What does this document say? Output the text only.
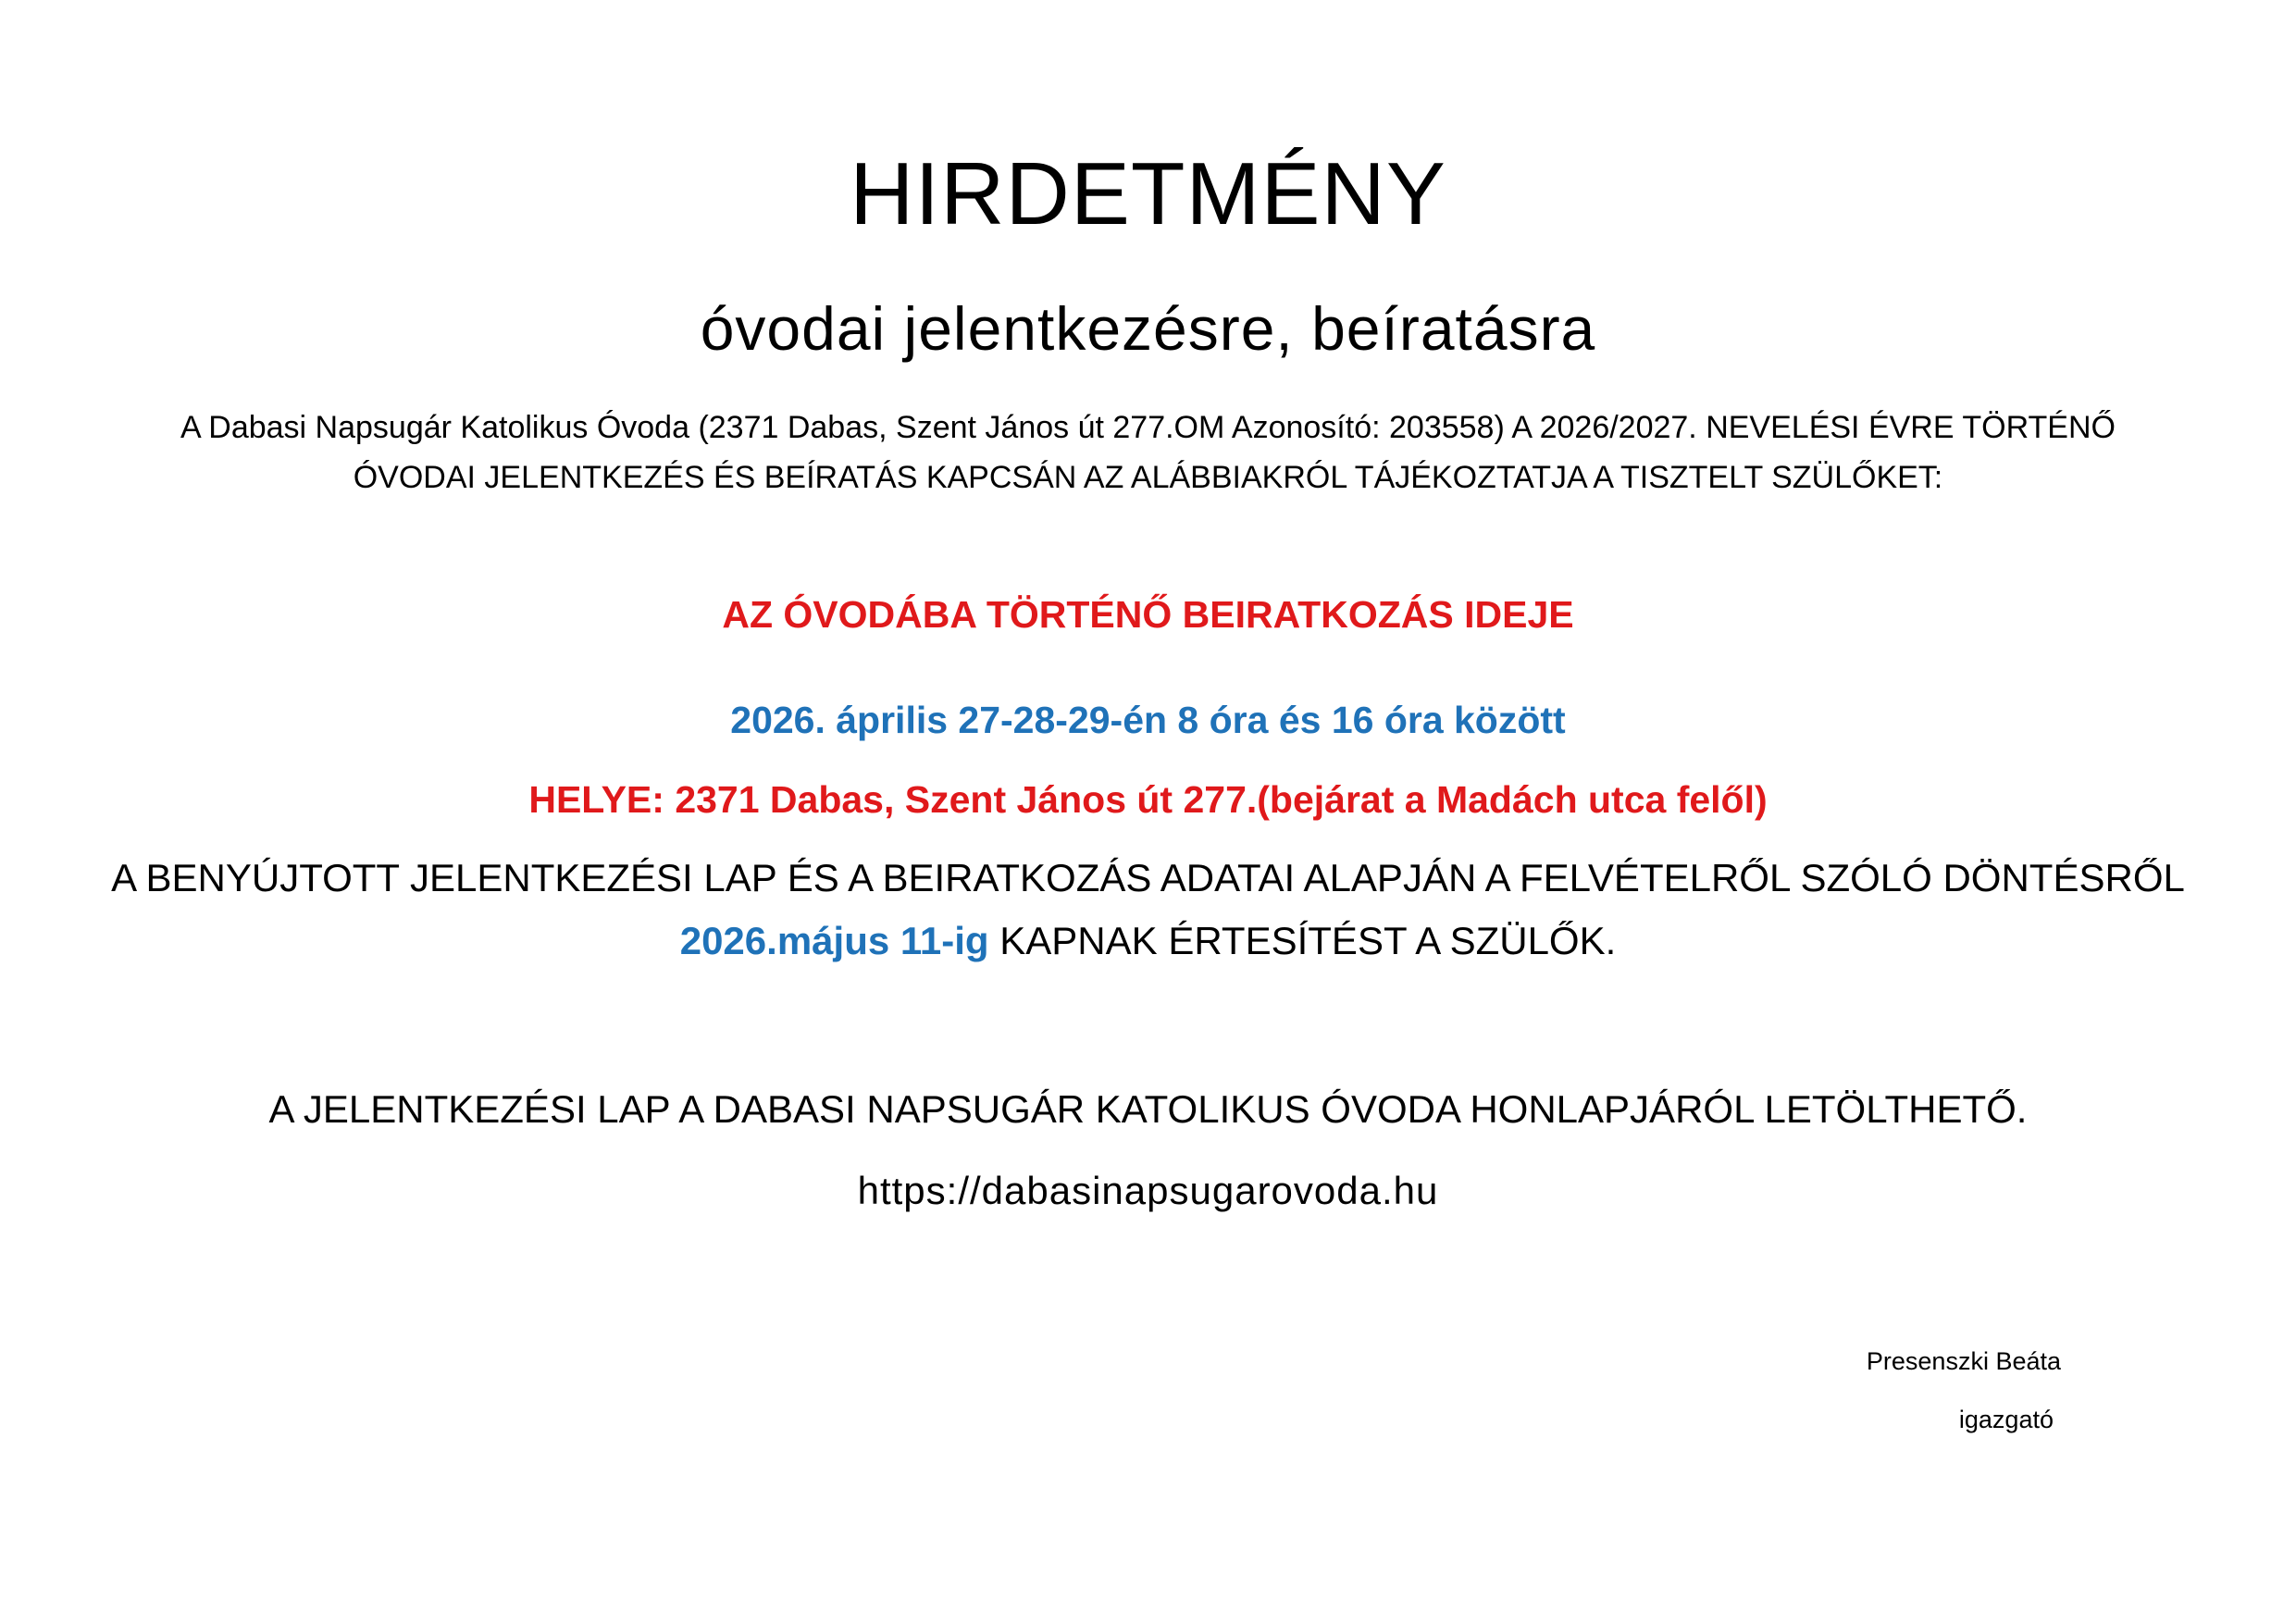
HIRDETMÉNY
óvodai jelentkezésre, beíratásra
A Dabasi Napsugár Katolikus Óvoda (2371 Dabas, Szent János út 277.OM Azonosító: 203558) A 2026/2027. NEVELÉSI ÉVRE TÖRTÉNŐ
ÓVODAI JELENTKEZÉS ÉS BEÍRATÁS KAPCSÁN AZ ALÁBBIAKRÓL TÁJÉKOZTATJA A TISZTELT SZÜLŐKET:
AZ ÓVODÁBA TÖRTÉNŐ BEIRATKOZÁS IDEJE
2026. április 27-28-29-én 8 óra és 16 óra között
HELYE: 2371 Dabas, Szent János út 277.(bejárat a Madách utca felől)
A BENYÚJTOTT JELENTKEZÉSI LAP ÉS A BEIRATKOZÁS ADATAI ALAPJÁN A FELVÉTELRŐL SZÓLÓ DÖNTÉSRŐL
2026.május 11-ig KAPNAK ÉRTESÍTÉST A SZÜLŐK.
A JELENTKEZÉSI LAP A DABASI NAPSUGÁR KATOLIKUS ÓVODA HONLAPJÁRÓL LETÖLTHETŐ.
https://dabasinapsugarovoda.hu
Presenszki Beáta
igazgató
